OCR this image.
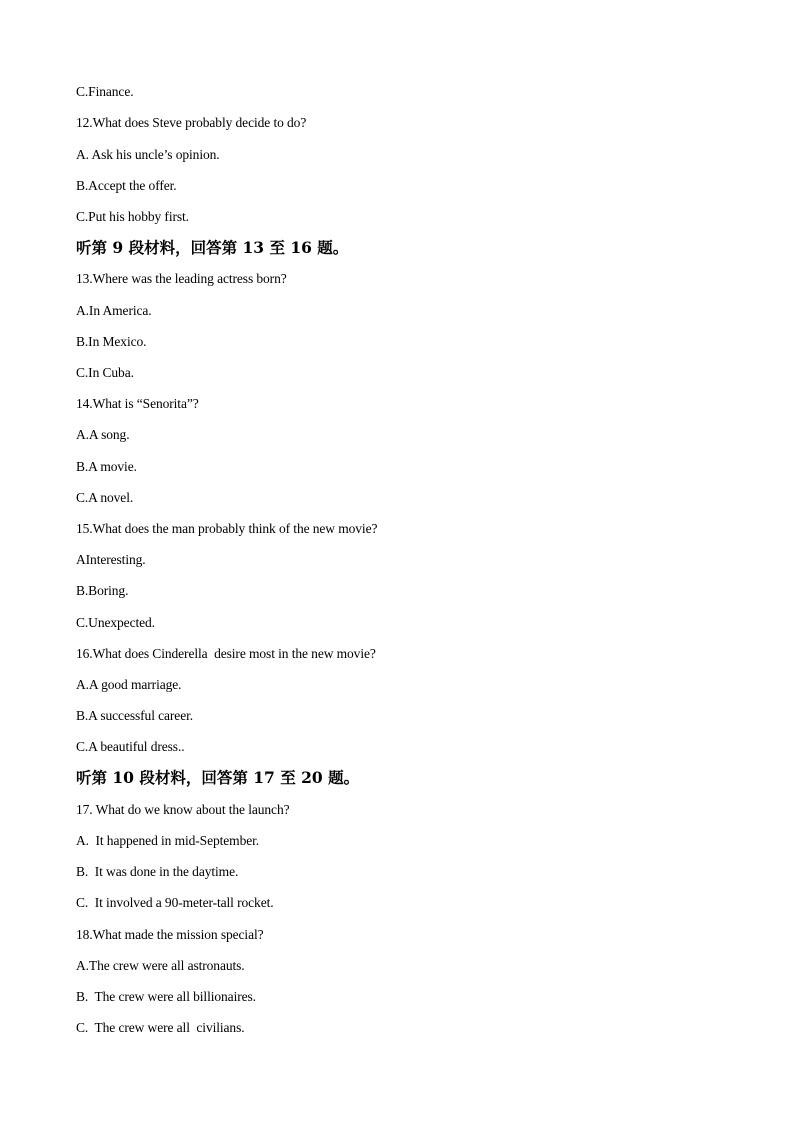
C.Finance.
12.What does Steve probably decide to do?
A. Ask his uncle’s opinion.
B.Accept the offer.
C.Put his hobby first.
听第 9 段材料，回答第 13 至 16 题。
13.Where was the leading actress born?
A.In America.
B.In Mexico.
C.In Cuba.
14.What is “Senorita”?
A.A song.
B.A movie.
C.A novel.
15.What does the man probably think of the new movie?
AInteresting.
B.Boring.
C.Unexpected.
16.What does Cinderella  desire most in the new movie?
A.A good marriage.
B.A successful career.
C.A beautiful dress..
听第 10 段材料，回答第 17 至 20 题。
17. What do we know about the launch?
A.  It happened in mid-September.
B.  It was done in the daytime.
C.  It involved a 90-meter-tall rocket.
18.What made the mission special?
A.The crew were all astronauts.
B.  The crew were all billionaires.
C.  The crew were all  civilians.
